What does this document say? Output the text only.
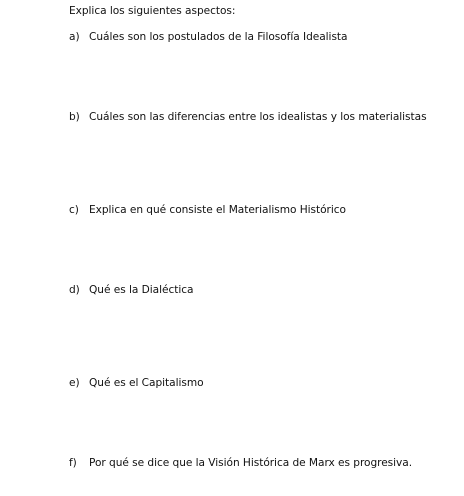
Explica los siguientes aspectos:
a) Cuáles son los postulados de la Filosofía Idealista
b) Cuáles son las diferencias entre los idealistas y los materialistas
c) Explica en qué consiste el Materialismo Histórico
d) Qué es la Dialéctica
e) Qué es el Capitalismo
f) Por qué se dice que la Visión Histórica de Marx es progresiva.
